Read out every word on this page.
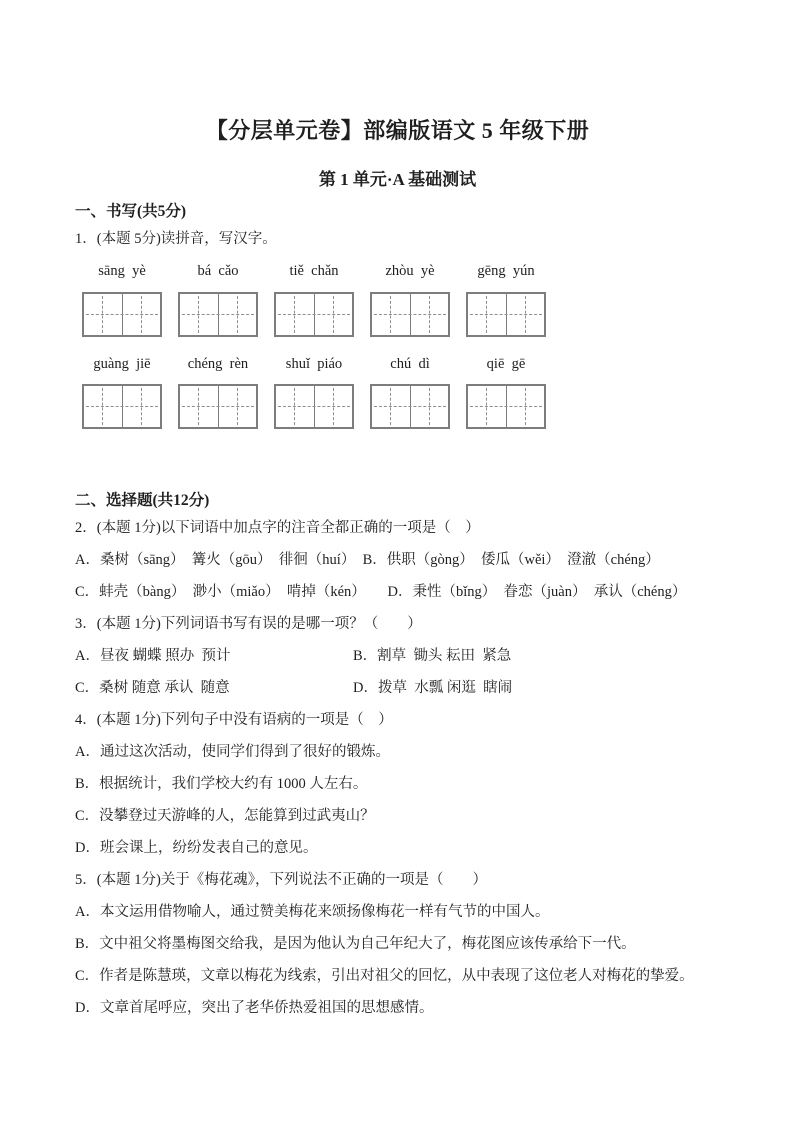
【分层单元卷】部编版语文 5 年级下册
第 1 单元·A 基础测试
一、书写(共5分)

1．(本题 5分)读拼音，写汉字。

sāng  yè	bá  cǎo	tiě  chǎn	zhòu  yè	gēng  yún
guàng  jiē	chéng  rèn	shuǐ  piáo	chú  dì	qiē  gē
二、选择题(共12分)

2．(本题 1分)以下词语中加点字的注音全都正确的一项是（　）

A．桑树（sāng）　篝火（gōu）　徘徊（huí）　B．供职（gòng）　倭瓜（wěi）　澄澈（chéng）

C．蚌壳（bàng）　渺小（miǎo）　啃掉（kén）　　D．秉性（bǐng）　眷恋（juàn）　承认（chéng）

3．(本题 1分)下列词语书写有误的是哪一项？（　　）

A．昼夜 蝴蝶 照办  预计	B．割草  锄头 耘田  紧急
C．桑树 随意 承认  随意	D．拨草  水瓢 闲逛  瞎闹

4．(本题 1分)下列句子中没有语病的一项是（　）

A．通过这次活动，使同学们得到了很好的锻炼。

B．根据统计，我们学校大约有 1000 人左右。

C．没攀登过天游峰的人，怎能算到过武夷山？

D．班会课上，纷纷发表自己的意见。

5．(本题 1分)关于《梅花魂》，下列说法不正确的一项是（　　）

A．本文运用借物喻人，通过赞美梅花来颂扬像梅花一样有气节的中国人。

B．文中祖父将墨梅图交给我，是因为他认为自己年纪大了，梅花图应该传承给下一代。

C．作者是陈慧瑛，文章以梅花为线索，引出对祖父的回忆，从中表现了这位老人对梅花的挚爱。

D．文章首尾呼应，突出了老华侨热爱祖国的思想感情。
